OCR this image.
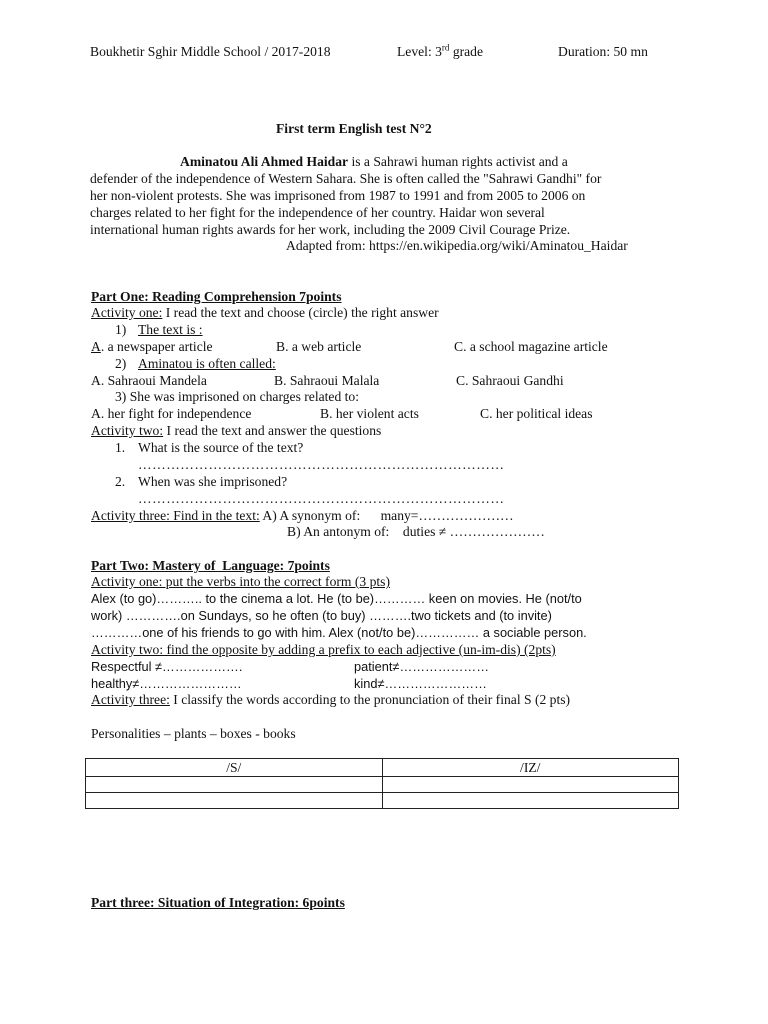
Boukhetir Sghir Middle School / 2017-2018	Level: 3rd grade	Duration: 50 mn
First term English test N°2
Aminatou Ali Ahmed Haidar is a Sahrawi human rights activist and a
defender of the independence of Western Sahara. She is often called the "Sahrawi Gandhi" for
her non-violent protests. She was imprisoned from 1987 to 1991 and from 2005 to 2006 on
charges related to her fight for the independence of her country. Haidar won several
international human rights awards for her work, including the 2009 Civil Courage Prize.
Adapted from: https://en.wikipedia.org/wiki/Aminatou_Haidar
Part One: Reading Comprehension 7points
Activity one: I read the text and choose (circle) the right answer
1) The text is :
A. a newspaper article	B. a web article	C. a school magazine article
2) Aminatou is often called:
A. Sahraoui Mandela	B. Sahraoui Malala	C. Sahraoui Gandhi
3) She was imprisoned on charges related to:
A. her fight for independence	B. her violent acts	C. her political ideas
Activity two: I read the text and answer the questions
1. What is the source of the text?
……………………………………………………………………
2. When was she imprisoned?
……………………………………………………………………
Activity three: Find in the text: A) A synonym of:      many=…………………
B) An antonym of:    duties ≠ …………………
Part Two: Mastery of  Language: 7points
Activity one: put the verbs into the correct form (3 pts)
Alex (to go)……….. to the cinema a lot. He (to be)………… keen on movies. He (not/to
work) ………….on Sundays, so he often (to buy) ……….two tickets and (to invite)
…………one of his friends to go with him. Alex (not/to be)…………… a sociable person.
Activity two: find the opposite by adding a prefix to each adjective (un-im-dis) (2pts)
Respectful ≠……………….	patient≠…………………
healthy≠……………………	kind≠……………………
Activity three: I classify the words according to the pronunciation of their final S (2 pts)
Personalities – plants – boxes - books
/S/	/IZ/

Part three: Situation of Integration: 6points
